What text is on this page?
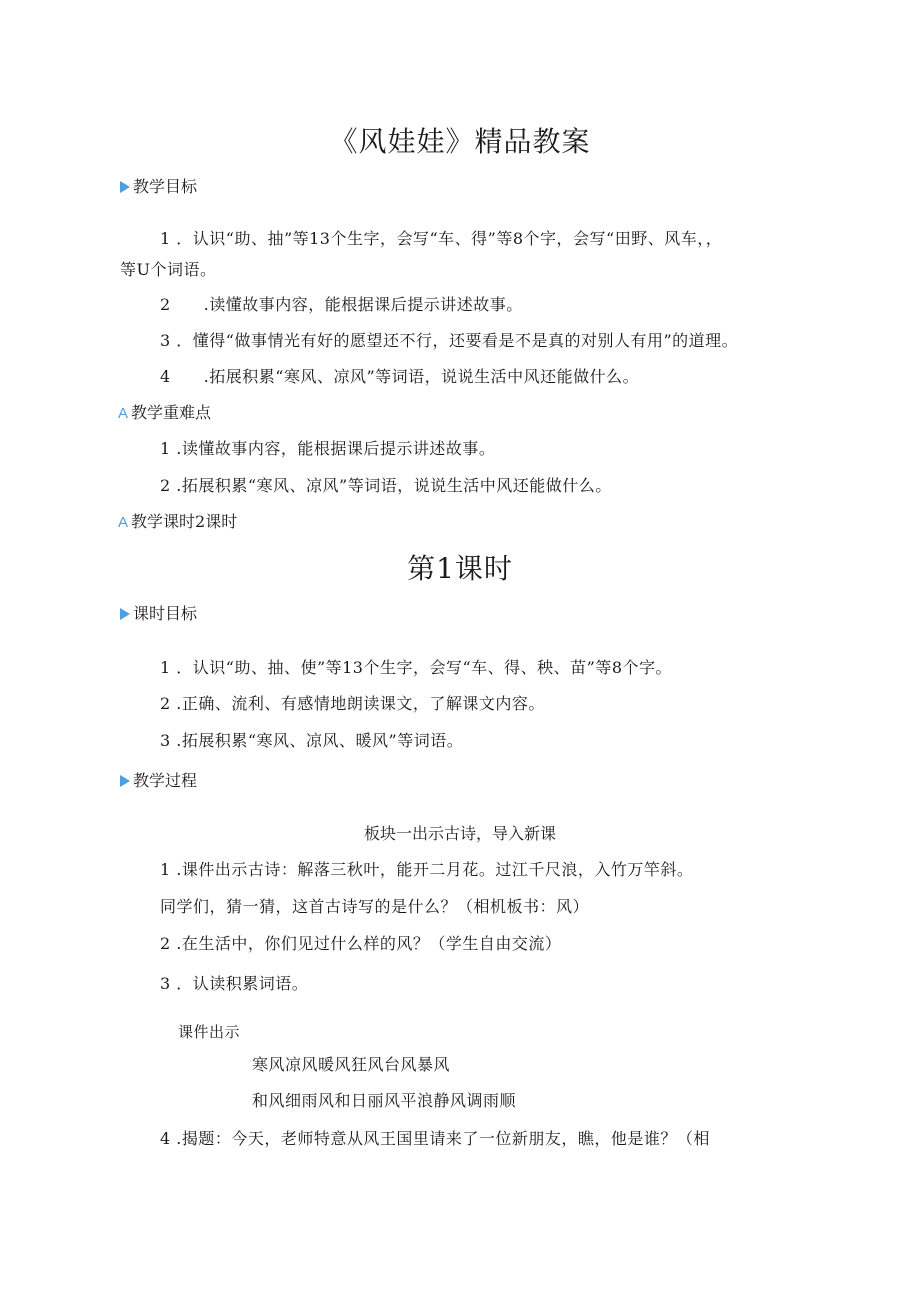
《风娃娃》精品教案
教学目标
1 ．认识“助、抽”等13个生字，会写“车、得”等8个字，会写“田野、风车，，
等U个词语。
2　　.读懂故事内容，能根据课后提示讲述故事。
3 ．懂得“做事情光有好的愿望还不行，还要看是不是真的对别人有用”的道理。
4　　.拓展积累“寒风、凉风”等词语，说说生活中风还能做什么。
A 教学重难点
1 .读懂故事内容，能根据课后提示讲述故事。
2 .拓展积累“寒风、凉风”等词语，说说生活中风还能做什么。
A 教学课时2课时
第1课时
课时目标
1 ．认识“助、抽、使”等13个生字，会写“车、得、秧、苗”等8个字。
2 .正确、流利、有感情地朗读课文，了解课文内容。
3 .拓展积累“寒风、凉风、暖风”等词语。
教学过程
板块一出示古诗，导入新课
1 .课件出示古诗：解落三秋叶，能开二月花。过江千尺浪，入竹万竿斜。
同学们，猜一猜，这首古诗写的是什么？（相机板书：风）
2 .在生活中，你们见过什么样的风？（学生自由交流）
3 ．认读积累词语。
课件出示
寒风凉风暖风狂风台风暴风
和风细雨风和日丽风平浪静风调雨顺
4 .揭题：今天，老师特意从风王国里请来了一位新朋友，瞧，他是谁？（相
